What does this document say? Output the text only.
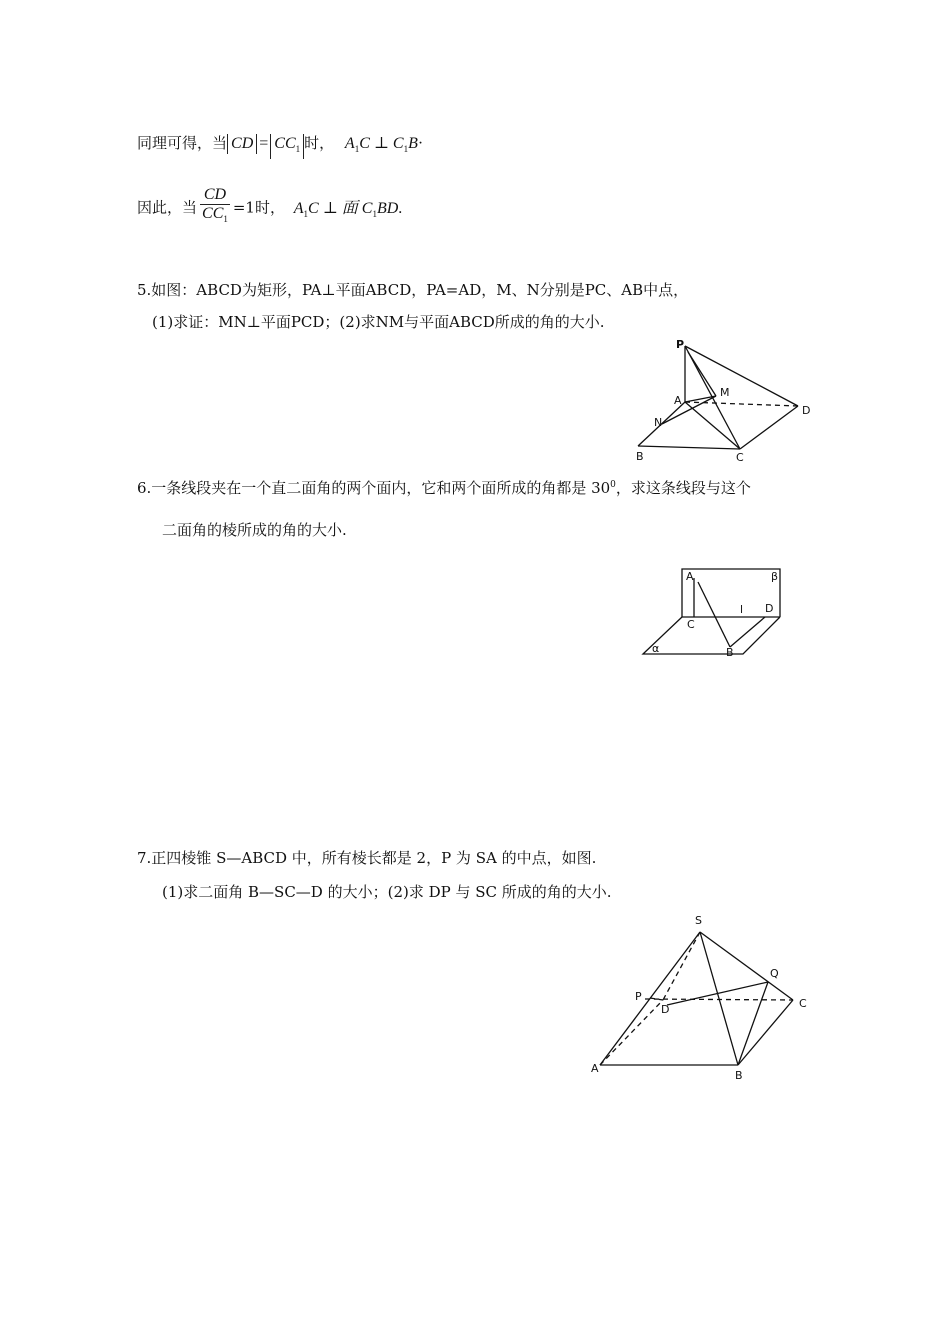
同理可得，当 CD = $CC_1$ 时， $A_1C$ ⊥ $C_1B\cdot$
因此，当 $\frac{CD}{CC_1} =1$时， $A_1C$ ⊥ 面 $C_1BD$.
5.如图：ABCD为矩形，PA⊥平面ABCD，PA=AD，M、N分别是PC、AB中点，
(1)求证：MN⊥平面PCD；(2)求NM与平面ABCD所成的角的大小.
P
A
M
N
D
B	C
6.一条线段夹在一个直二面角的两个面内，它和两个面所成的角都是 $30^0$，求这条线段与这个
二面角的棱所成的角的大小.
A	β
l D
C
α	B
7.正四棱锥 S—ABCD 中，所有棱长都是 2，P 为 SA 的中点，如图.
(1)求二面角 B—SC—D 的大小；(2)求 DP 与 SC 所成的角的大小.
S
Q
P
D	C
A
B
